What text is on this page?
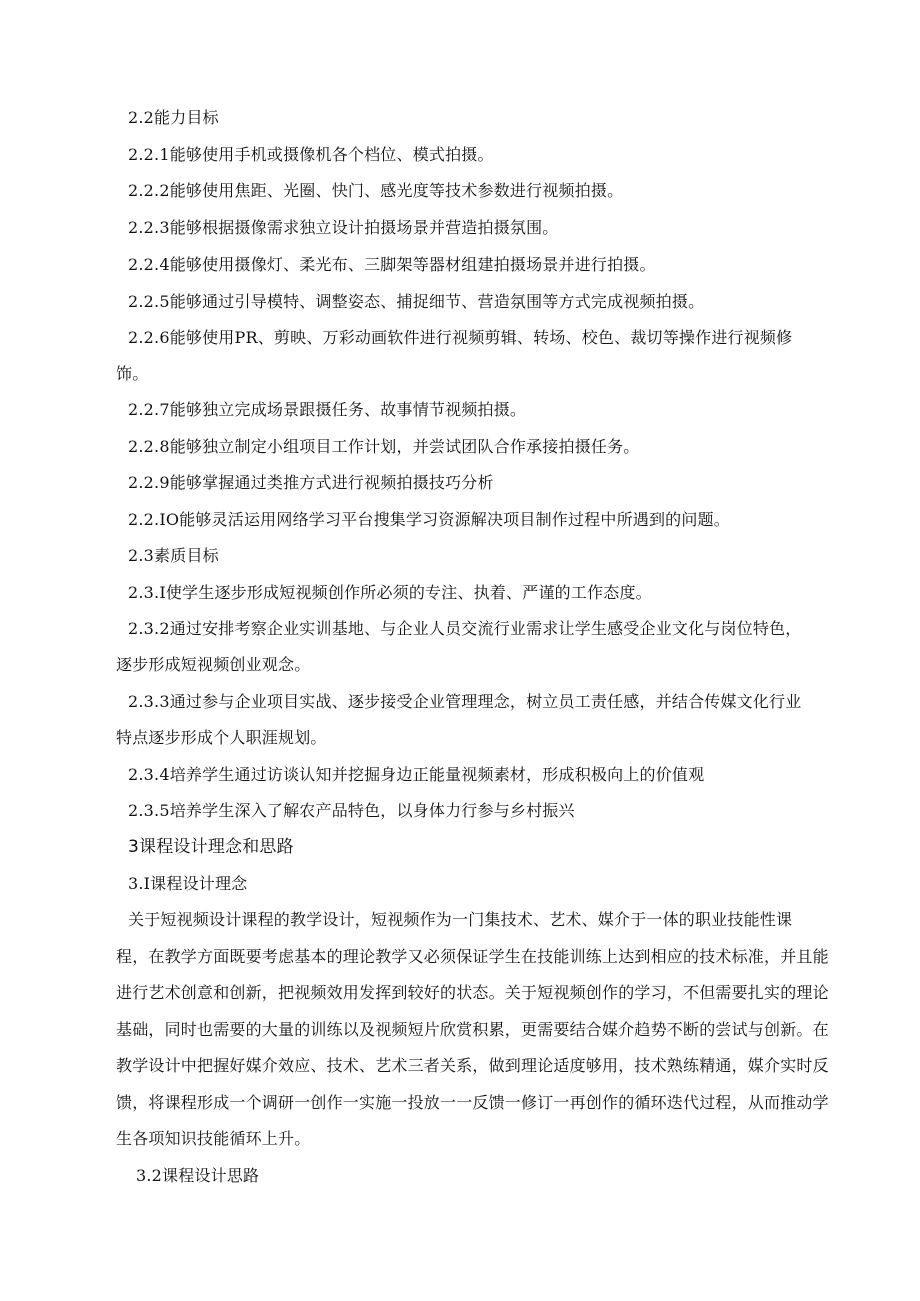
2.2能力目标
2.2.1能够使用手机或摄像机各个档位、模式拍摄。
2.2.2能够使用焦距、光圈、快门、感光度等技术参数进行视频拍摄。
2.2.3能够根据摄像需求独立设计拍摄场景并营造拍摄氛围。
2.2.4能够使用摄像灯、柔光布、三脚架等器材组建拍摄场景并进行拍摄。
2.2.5能够通过引导模特、调整姿态、捕捉细节、营造氛围等方式完成视频拍摄。
2.2.6能够使用PR、剪映、万彩动画软件进行视频剪辑、转场、校色、裁切等操作进行视频修
饰。
2.2.7能够独立完成场景跟摄任务、故事情节视频拍摄。
2.2.8能够独立制定小组项目工作计划，并尝试团队合作承接拍摄任务。
2.2.9能够掌握通过类推方式进行视频拍摄技巧分析
2.2.IO能够灵活运用网络学习平台搜集学习资源解决项目制作过程中所遇到的问题。
2.3素质目标
2.3.I使学生逐步形成短视频创作所必须的专注、执着、严谨的工作态度。
2.3.2通过安排考察企业实训基地、与企业人员交流行业需求让学生感受企业文化与岗位特色，
逐步形成短视频创业观念。
2.3.3通过参与企业项目实战、逐步接受企业管理理念，树立员工责任感，并结合传媒文化行业
特点逐步形成个人职涯规划。
2.3.4培养学生通过访谈认知并挖掘身边正能量视频素材，形成积极向上的价值观
2.3.5培养学生深入了解农产品特色，以身体力行参与乡村振兴
3课程设计理念和思路
3.I课程设计理念
关于短视频设计课程的教学设计，短视频作为一门集技术、艺术、媒介于一体的职业技能性课
程，在教学方面既要考虑基本的理论教学又必须保证学生在技能训练上达到相应的技术标准，并且能
进行艺术创意和创新，把视频效用发挥到较好的状态。关于短视频创作的学习，不但需要扎实的理论
基础，同时也需要的大量的训练以及视频短片欣赏积累，更需要结合媒介趋势不断的尝试与创新。在
教学设计中把握好媒介效应、技术、艺术三者关系，做到理论适度够用，技术熟练精通，媒介实时反
馈，将课程形成一个调研一创作一实施一投放一一反馈一修订一再创作的循环迭代过程，从而推动学
生各项知识技能循环上升。
3.2课程设计思路
